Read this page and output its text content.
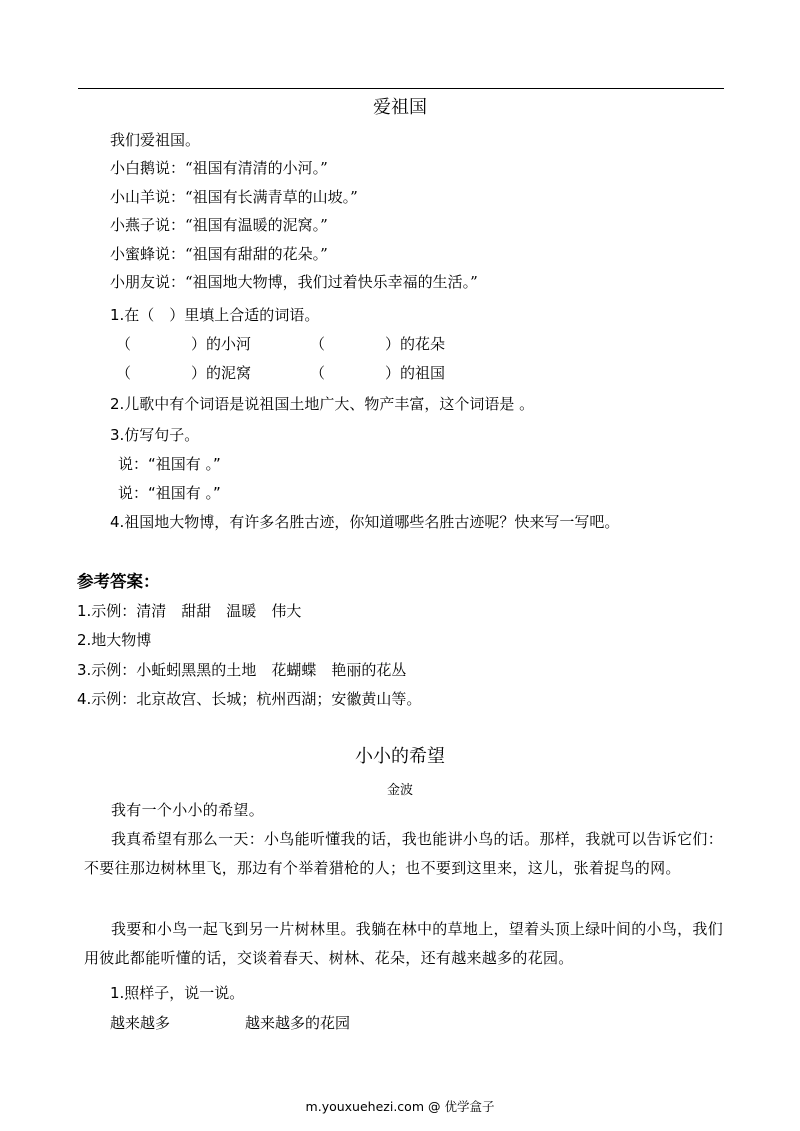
爱祖国
我们爱祖国。
小白鹅说：“祖国有清清的小河。”
小山羊说：“祖国有长满青草的山坡。”
小燕子说：“祖国有温暖的泥窝。”
小蜜蜂说：“祖国有甜甜的花朵。”
小朋友说：“祖国地大物博，我们过着快乐幸福的生活。”
1.在（　）里填上合适的词语。
（　　　　）的小河	（　　　　）的花朵
（　　　　）的泥窝	（　　　　）的祖国
2.儿歌中有个词语是说祖国土地广大、物产丰富，这个词语是 。
3.仿写句子。
说：“祖国有 。”
说：“祖国有 。”
4.祖国地大物博，有许多名胜古迹，你知道哪些名胜古迹呢？快来写一写吧。
参考答案：
1.示例：清清　甜甜　温暖　伟大
2.地大物博
3.示例：小蚯蚓黑黑的土地　花蝴蝶　艳丽的花丛
4.示例：北京故宫、长城；杭州西湖；安徽黄山等。
小小的希望
金波
我有一个小小的希望。
我真希望有那么一天：小鸟能听懂我的话，我也能讲小鸟的话。那样，我就可以告诉它们：不要往那边树林里飞，那边有个举着猎枪的人；也不要到这里来，这儿，张着捉鸟的网。
我要和小鸟一起飞到另一片树林里。我躺在林中的草地上，望着头顶上绿叶间的小鸟，我们用彼此都能听懂的话，交谈着春天、树林、花朵，还有越来越多的花园。
1.照样子，说一说。
越来越多	越来越多的花园
m.youxuehezi.com @ 优学盒子
